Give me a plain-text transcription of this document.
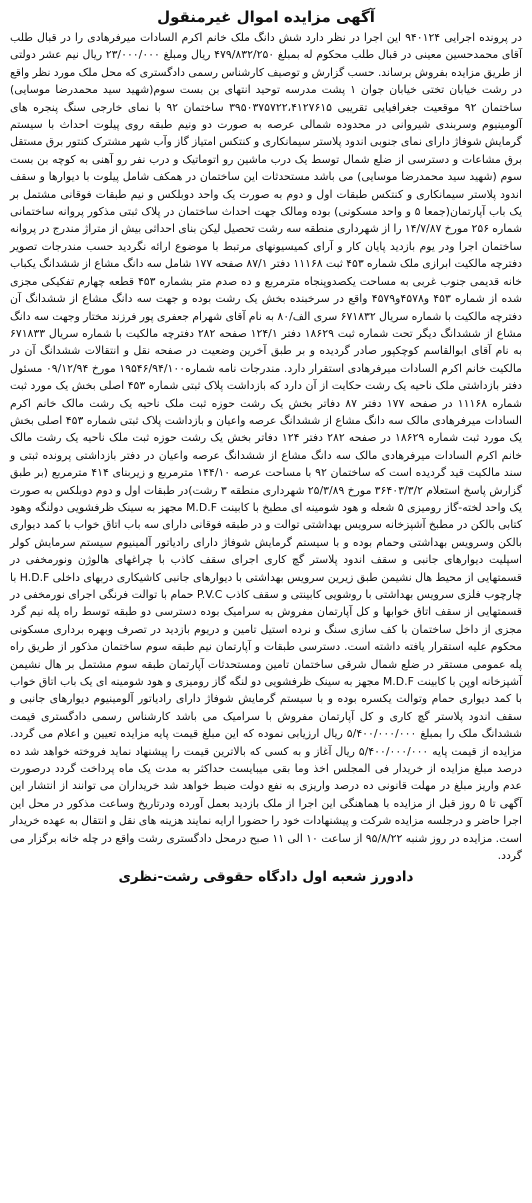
آگهی مزایده اموال غیرمنقول

در پرونده اجرایی ۹۴۰۱۲۴ این اجرا در نظر دارد شش دانگ ملک خانم اکرم السادات میرفرهادی را در قبال طلب آقای محمدحسین معینی در قبال طلب محکوم له بمبلغ ۴۷۹/۸۳۲/۲۵۰ ریال ومبلغ ۲۳/۰۰۰/۰۰۰ ریال نیم عشر دولتی از طریق مزایده بفروش برساند. حسب گزارش و توصیف کارشناس رسمی دادگستری که محل ملک مورد نظر واقع در رشت خیابان تختی خیابان جوان ۱ پشت مدرسه توحید انتهای بن بست سوم(شهید سید محمدرضا موسایی) ساختمان ۹۲ موقعیت جغرافیایی تقریبی ۳۹۵۰۳۷۵۷۲۲،۴۱۲۷۶۱۵ ساختمان ۹۲ با نمای خارجی سنگ پنجره های آلومینیوم وسربندی شیروانی در محدوده شمالی عرصه به صورت دو ونیم طبقه روی پیلوت احداث با سیستم گرمایش شوفاژ دارای نمای جنوبی اندود پلاستر سیمانکاری و کنتکس امتیاز گاز وآب شهر مشترک کنتور برق مستقل برق مشاعات و دسترسی از ضلع شمال توسط یک درب ماشین رو اتوماتیک و درب نفر رو آهنی به کوچه بن بست سوم (شهید سید محمدرضا موسایی) می باشد مستحدثات این ساختمان در همکف شامل پیلوت با دیوارها و سقف اندود پلاستر سیمانکاری و کنتکس طبقات اول و دوم به صورت یک واحد دوبلکس و نیم طبقات فوقانی مشتمل بر یک باب آپارتمان(جمعا ۵ و واحد مسکونی) بوده ومالک جهت احداث ساختمان در پلاک ثبتی مذکور پروانه ساختمانی شماره ۲۵۶ مورخ ۱۴/۷/۸۷ را از شهرداری منطقه سه رشت تحصیل لیکن بنای احداثی بیش از متراژ مندرج در پروانه ساختمان اجرا ودر یوم بازدید پایان کار و آرای کمیسیونهای مرتبط با موضوع ارائه نگردید حسب مندرجات تصویر دفترچه مالکیت ابرازی ملک شماره ۴۵۳ ثبت ۱۱۱۶۸ دفتر ۸۷/۱ صفحه ۱۷۷ شامل سه دانگ مشاع از ششدانگ یکباب خانه قدیمی جنوب غربی به مساحت یکصدوپنجاه مترمربع و ده صدم متر بشماره ۴۵۳ قطعه چهارم تفکیکی مجزی شده از شماره ۴۵۳ و۴۵۷۸و۴۵۷۹ واقع در سرخبنده بخش یک رشت بوده و جهت سه دانگ مشاع از ششدانگ آن دفترچه مالکیت با شماره سریال ۶۷۱۸۳۲ سری الف/۸۰ به نام آقای شهرام جعفری پور فرزند مختار وجهت سه دانگ مشاع از ششدانگ دیگر تحت شماره ثبت ۱۸۶۲۹ دفتر ۱۲۴/۱ صفحه ۲۸۲ دفترچه مالکیت با شماره سریال ۶۷۱۸۳۳ به نام آقای ابوالقاسم کوچکپور صادر گردیده و بر طبق آخرین وضعیت در صفحه نقل و انتقالات ششدانگ آن در مالکیت خانم اکرم السادات میرفرهادی استقرار دارد. مندرجات نامه شماره۱۹۵۴۶/۹۴/۱۰۰ مورخ ۰۹/۱۲/۹۴ مسئول دفتر بازداشتی ملک ناحیه یک رشت حکایت از آن دارد که بازداشت پلاک ثبتی شماره ۴۵۳ اصلی بخش یک مورد ثبت شماره ۱۱۱۶۸ در صفحه ۱۷۷ دفتر ۸۷ دفاتر بخش یک رشت حوزه ثبت ملک ناحیه یک رشت مالک خانم اکرم السادات میرفرهادی مالک سه دانگ مشاع از ششدانگ عرصه واعیان و بازداشت پلاک ثبتی شماره ۴۵۳ اصلی بخش یک مورد ثبت شماره ۱۸۶۲۹ در صفحه ۲۸۲ دفتر ۱۲۴ دفاتر بخش یک رشت حوزه ثبت ملک ناحیه یک رشت مالک خانم اکرم السادات میرفرهادی مالک سه دانگ مشاع از ششدانگ عرصه واعیان در دفتر بازداشتی پرونده ثبتی و سند مالکیت قید گردیده است که ساختمان ۹۲ با مساحت عرصه ۱۴۴/۱۰ مترمربع و زیربنای ۴۱۴ مترمربع (بر طبق گزارش پاسخ استعلام ۳۶۴۰۳/۳/۲ مورخ ۲۵/۳/۸۹ شهرداری منطقه ۳ رشت)در طبقات اول و دوم دوبلکس به صورت یک واحد لخته-گاز رومیزی ۵ شعله و هود شومینه ای مطبخ با کابینت M.D.F مجهز به سینک ظرفشویی دولنگه وهود کتابی بالکن در مطبخ آشپزخانه سرویس بهداشتی توالت و در طبقه فوقانی دارای سه باب اتاق خواب با کمد دیواری بالکن وسرویس بهداشتی وحمام بوده و با سیستم گرمایش شوفاژ دارای رادیاتور آلمینیوم سیستم سرمایش کولر اسپلیت دیوارهای جانبی و سقف اندود پلاستر گچ کاری اجرای سقف کاذب با چراغهای هالوژن ونورمخفی در قسمتهایی از محیط هال نشیمن طبق زیرین سرویس بهداشتی با دیوارهای جانبی کاشیکاری دربهای داخلی H.D.F با چارچوب فلزی سرویس بهداشتی با روشویی کابینتی و سقف کاذب P.V.C حمام با توالت فرنگی اجرای نورمخفی در قسمتهایی از سقف اتاق خوابها و کل آپارتمان مفروش به سرامیک بوده دسترسی دو طبقه توسط راه پله نیم گرد مجزی از داخل ساختمان با کف سازی سنگ و نرده استیل تامین و دریوم بازدید در تصرف وبهره برداری مسکونی محکوم علیه استقرار یافته داشته است. دسترسی طبقات و آپارتمان نیم طبقه سوم ساختمان مذکور از طریق راه پله عمومی مستقر در ضلع شمال شرقی ساختمان تامین ومستحدثات آپارتمان طبقه سوم مشتمل بر هال نشیمن آشپزخانه اوپن با کابینت M.D.F مجهز به سینک ظرفشویی دو لنگه گاز رومیزی و هود شومینه ای یک باب اتاق خواب با کمد دیواری حمام وتوالت یکسره بوده و با سیستم گرمایش شوفاژ دارای رادیاتور آلومینیوم دیوارهای جانبی و سقف اندود پلاستر گچ کاری و کل آپارتمان مفروش با سرامیک می باشد کارشناس رسمی دادگستری قیمت ششدانگ ملک را بمبلغ ۵/۴۰۰/۰۰۰/۰۰۰ ریال ارزیابی نموده که این مبلغ قیمت پایه مزایده تعیین و اعلام می گردد. مزایده از قیمت پایه ۵/۴۰۰/۰۰۰/۰۰۰ ریال آغاز و به کسی که بالاترین قیمت را پیشنهاد نماید فروخته خواهد شد ده درصد مبلغ مزایده از خریدار فی المجلس اخذ وما بقی میبایست حداکثر به مدت یک ماه پرداخت گردد درصورت عدم واریز مبلغ در مهلت قانونی ده درصد واریزی به نفع دولت ضبط خواهد شد خریداران می توانند از انتشار این آگهی تا ۵ روز قبل از مزایده با هماهنگی این اجرا از ملک بازدید بعمل آورده ودرتاریخ وساعت مذکور در محل این اجرا حاضر و درجلسه مزایده شرکت و پیشنهادات خود را حضورا ارایه نمایند هزینه های نقل و انتقال به عهده خریدار است. مزایده در روز شنبه ۹۵/۸/۲۲ از ساعت ۱۰ الی ۱۱ صبح درمحل دادگستری رشت واقع در چله خانه برگزار می گردد.

دادورز شعبه اول دادگاه حقوقی رشت-نظری
